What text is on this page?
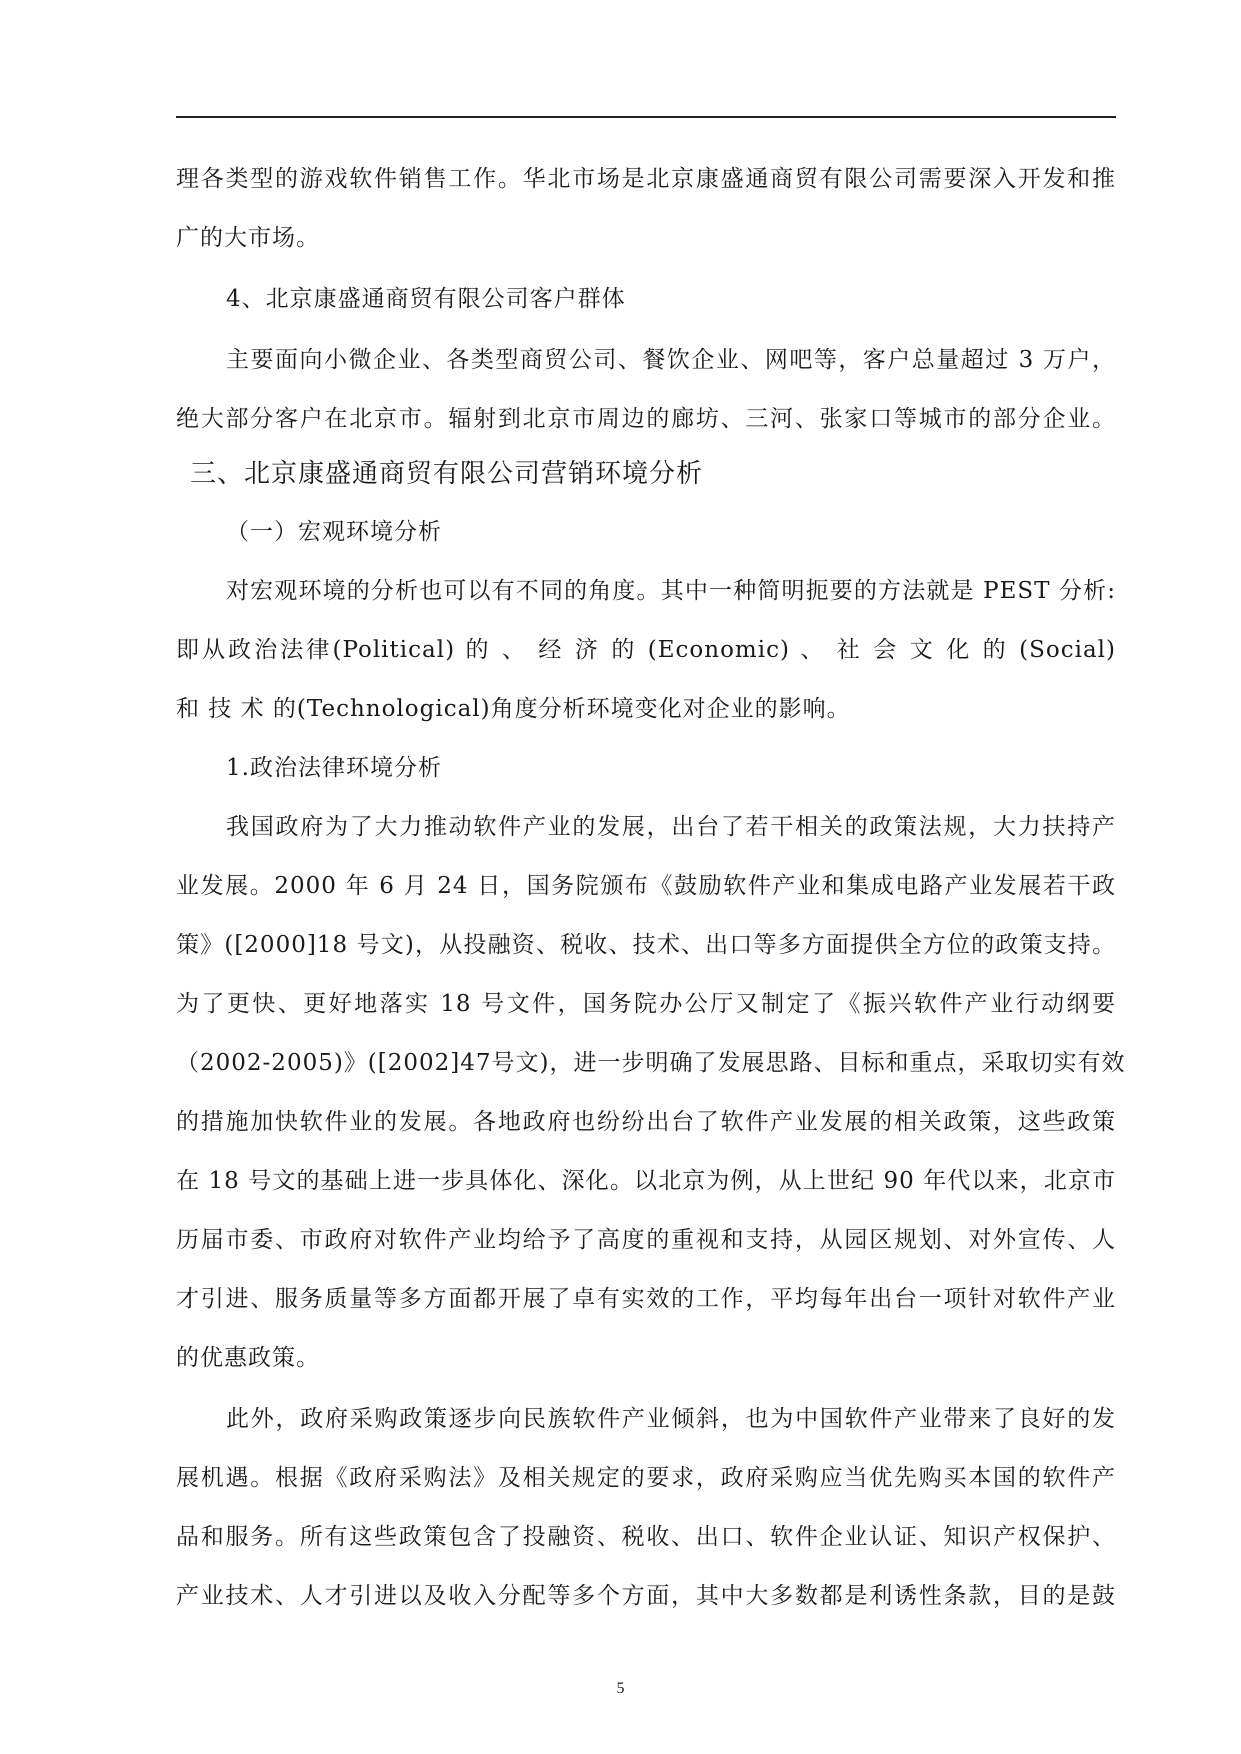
理各类型的游戏软件销售工作。华北市场是北京康盛通商贸有限公司需要深入开发和推
广的大市场。
4、北京康盛通商贸有限公司客户群体
主要面向小微企业、各类型商贸公司、餐饮企业、网吧等，客户总量超过 3 万户，
绝大部分客户在北京市。辐射到北京市周边的廊坊、三河、张家口等城市的部分企业。
三、北京康盛通商贸有限公司营销环境分析
（一）宏观环境分析
对宏观环境的分析也可以有不同的角度。其中一种简明扼要的方法就是 PEST 分析:
即从政治法律(Political) 的 、 经 济 的 (Economic) 、 社 会 文 化 的 (Social)
和 技 术 的(Technological)角度分析环境变化对企业的影响。
1.政治法律环境分析
我国政府为了大力推动软件产业的发展，出台了若干相关的政策法规，大力扶持产
业发展。2000 年 6 月 24 日，国务院颁布《鼓励软件产业和集成电路产业发展若干政
策》([2000]18 号文)，从投融资、税收、技术、出口等多方面提供全方位的政策支持。
为了更快、更好地落实 18 号文件，国务院办公厅又制定了《振兴软件产业行动纲要
（2002-2005)》([2002]47号文)，进一步明确了发展思路、目标和重点，采取切实有效
的措施加快软件业的发展。各地政府也纷纷出台了软件产业发展的相关政策，这些政策
在 18 号文的基础上进一步具体化、深化。以北京为例，从上世纪 90 年代以来，北京市
历届市委、市政府对软件产业均给予了高度的重视和支持，从园区规划、对外宣传、人
才引进、服务质量等多方面都开展了卓有实效的工作，平均每年出台一项针对软件产业
的优惠政策。
此外，政府采购政策逐步向民族软件产业倾斜，也为中国软件产业带来了良好的发
展机遇。根据《政府采购法》及相关规定的要求，政府采购应当优先购买本国的软件产
品和服务。所有这些政策包含了投融资、税收、出口、软件企业认证、知识产权保护、
产业技术、人才引进以及收入分配等多个方面，其中大多数都是利诱性条款，目的是鼓
5
